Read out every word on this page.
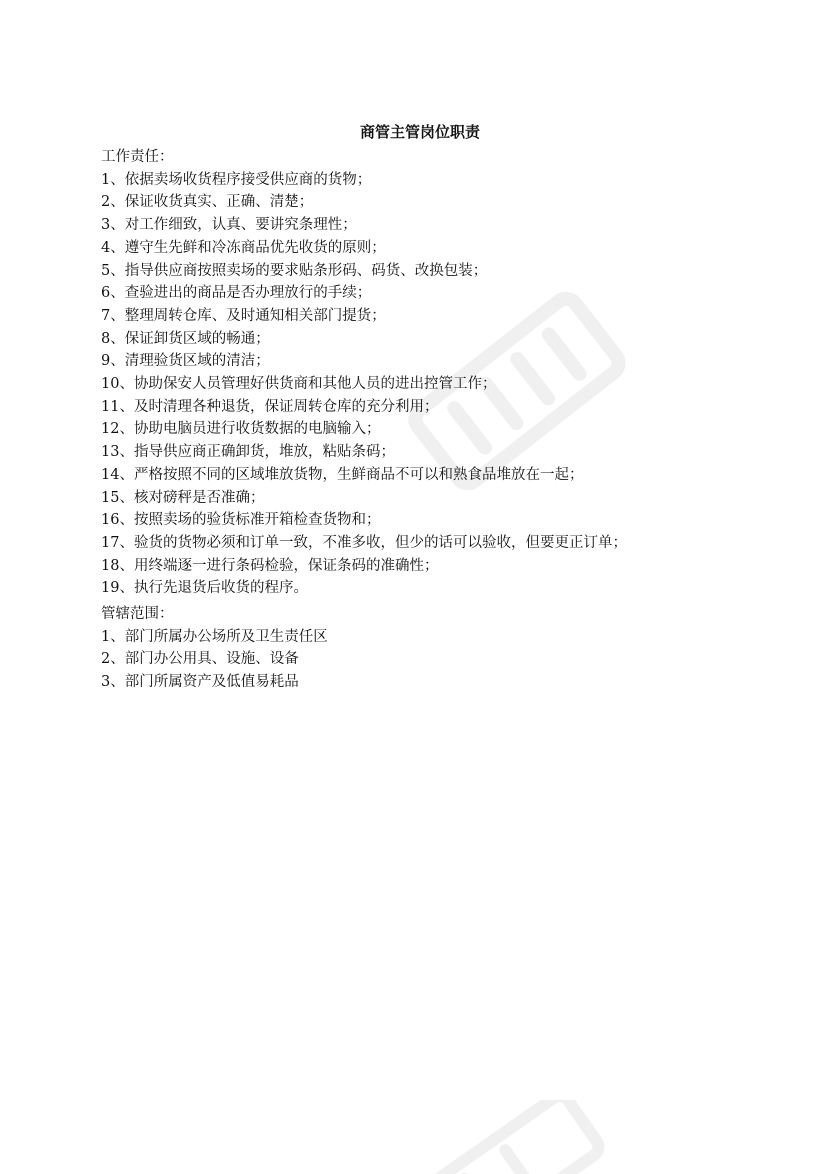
商管主管岗位职责

工作责任：

1、依据卖场收货程序接受供应商的货物；

2、保证收货真实、正确、清楚；

3、对工作细致，认真、要讲究条理性；

4、遵守生先鲜和冷冻商品优先收货的原则；

5、指导供应商按照卖场的要求贴条形码、码货、改换包装；

6、查验进出的商品是否办理放行的手续；

7、整理周转仓库、及时通知相关部门提货；

8、保证卸货区域的畅通；

9、清理验货区域的清洁；

10、协助保安人员管理好供货商和其他人员的进出控管工作；

11、及时清理各种退货，保证周转仓库的充分利用；

12、协助电脑员进行收货数据的电脑输入；

13、指导供应商正确卸货，堆放，粘贴条码；

14、严格按照不同的区域堆放货物，生鲜商品不可以和熟食品堆放在一起；

15、核对磅秤是否准确；

16、按照卖场的验货标准开箱检查货物和；

17、验货的货物必须和订单一致，不准多收，但少的话可以验收，但要更正订单；

18、用终端逐一进行条码检验，保证条码的准确性；

19、执行先退货后收货的程序。

管辖范围：

1、部门所属办公场所及卫生责任区

2、部门办公用具、设施、设备

3、部门所属资产及低值易耗品
